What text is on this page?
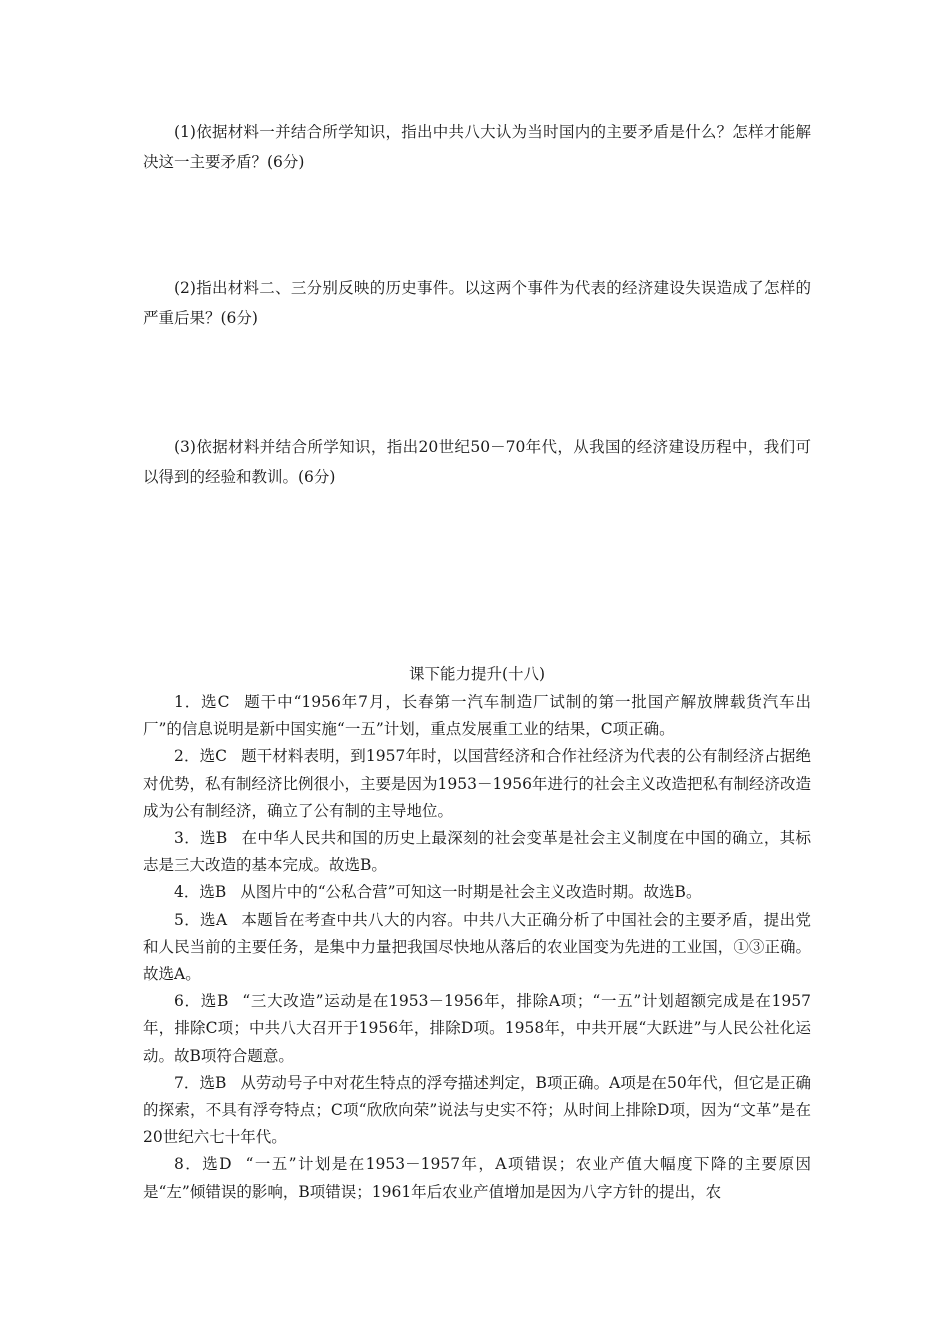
(1)依据材料一并结合所学知识，指出中共八大认为当时国内的主要矛盾是什么？怎样才能解决这一主要矛盾？(6分)

(2)指出材料二、三分别反映的历史事件。以这两个事件为代表的经济建设失误造成了怎样的严重后果？(6分)

(3)依据材料并结合所学知识，指出20世纪50－70年代，从我国的经济建设历程中，我们可以得到的经验和教训。(6分)

课下能力提升(十八)

1．选C 题干中“1956年7月，长春第一汽车制造厂试制的第一批国产解放牌载货汽车出厂”的信息说明是新中国实施“一五”计划，重点发展重工业的结果，C项正确。

2．选C 题干材料表明，到1957年时，以国营经济和合作社经济为代表的公有制经济占据绝对优势，私有制经济比例很小，主要是因为1953－1956年进行的社会主义改造把私有制经济改造成为公有制经济，确立了公有制的主导地位。

3．选B 在中华人民共和国的历史上最深刻的社会变革是社会主义制度在中国的确立，其标志是三大改造的基本完成。故选B。

4．选B 从图片中的“公私合营”可知这一时期是社会主义改造时期。故选B。

5．选A 本题旨在考查中共八大的内容。中共八大正确分析了中国社会的主要矛盾，提出党和人民当前的主要任务，是集中力量把我国尽快地从落后的农业国变为先进的工业国，①③正确。故选A。

6．选B “三大改造”运动是在1953－1956年，排除A项；“一五”计划超额完成是在1957年，排除C项；中共八大召开于1956年，排除D项。1958年，中共开展“大跃进”与人民公社化运动。故B项符合题意。

7．选B 从劳动号子中对花生特点的浮夸描述判定，B项正确。A项是在50年代，但它是正确的探索，不具有浮夸特点；C项“欣欣向荣”说法与史实不符；从时间上排除D项，因为“文革”是在20世纪六七十年代。

8．选D “一五”计划是在1953－1957年，A项错误；农业产值大幅度下降的主要原因是“左”倾错误的影响，B项错误；1961年后农业产值增加是因为八字方针的提出，农
